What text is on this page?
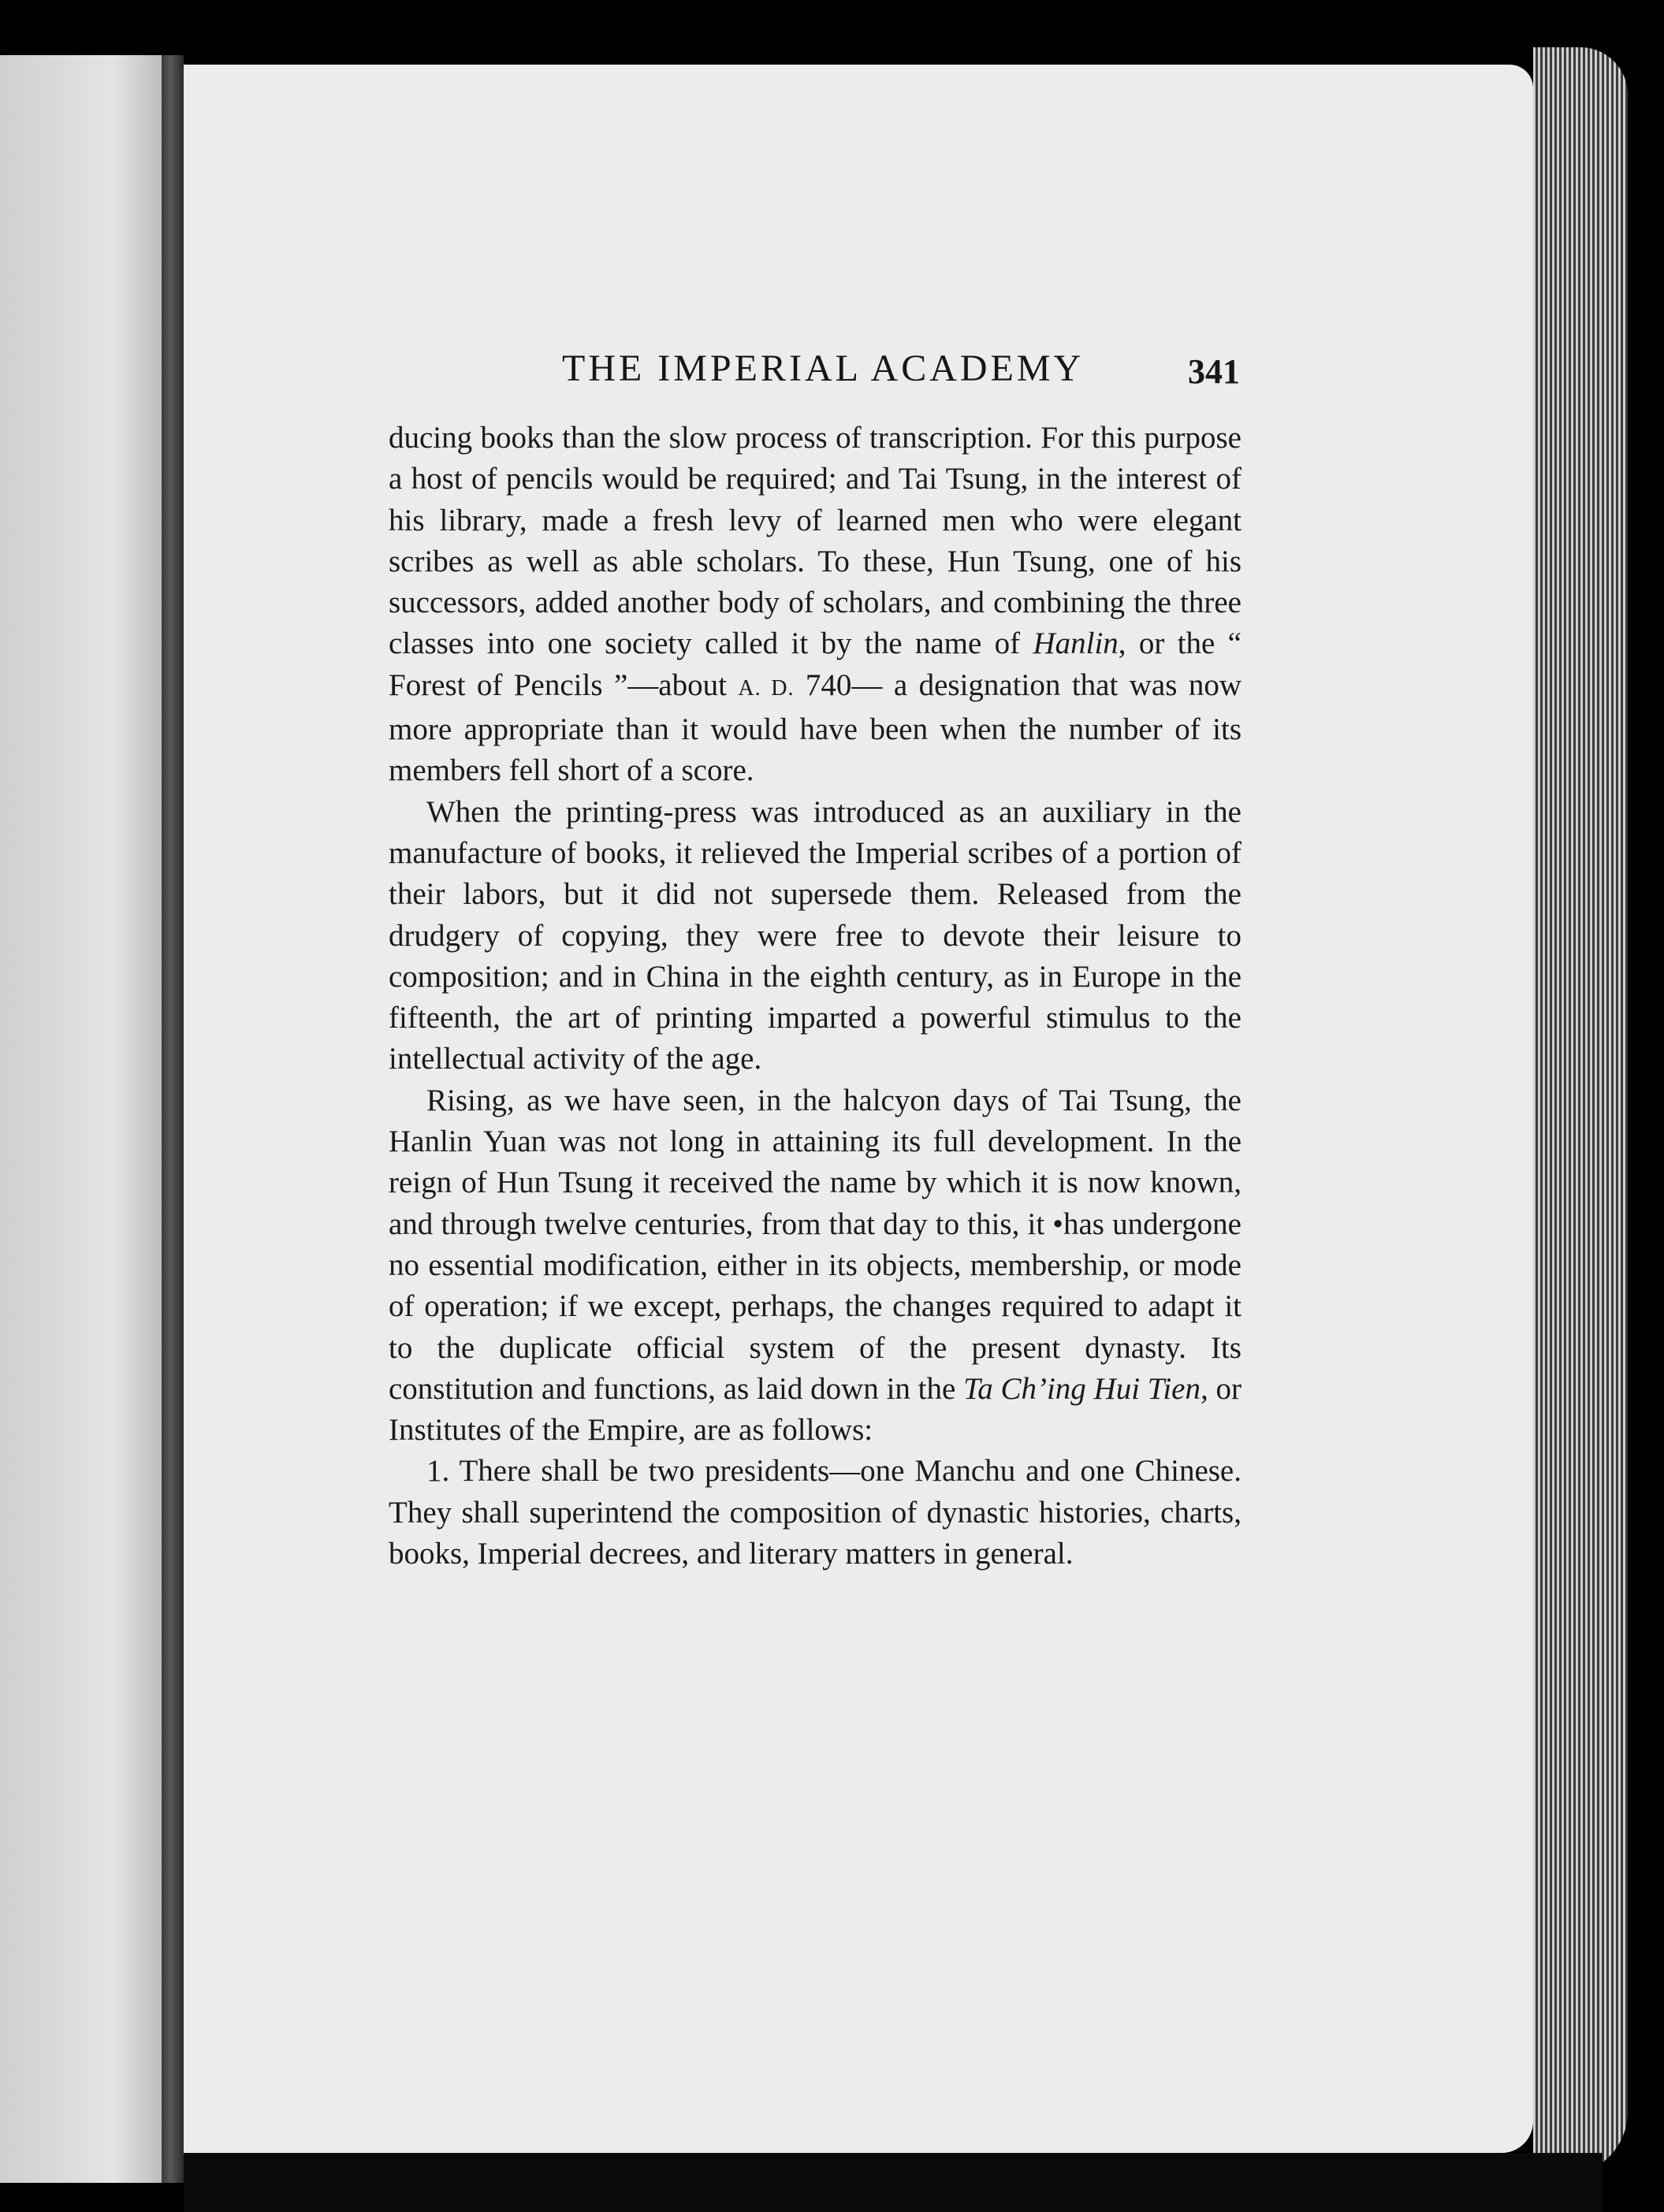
THE IMPERIAL ACADEMY	341

ducing books than the slow process of transcription. For this purpose a host of pencils would be required; and Tai Tsung, in the interest of his library, made a fresh levy of learned men who were elegant scribes as well as able scholars. To these, Hun Tsung, one of his successors, added another body of scholars, and combining the three classes into one society called it by the name of Hanlin, or the “ Forest of Pencils ”—about A. D. 740— a designation that was now more appropriate than it would have been when the number of its members fell short of a score.

When the printing-press was introduced as an auxiliary in the manufacture of books, it relieved the Imperial scribes of a portion of their labors, but it did not supersede them. Released from the drudgery of copying, they were free to devote their leisure to composition; and in China in the eighth century, as in Europe in the fifteenth, the art of printing imparted a powerful stimulus to the intellectual activity of the age.

Rising, as we have seen, in the halcyon days of Tai Tsung, the Hanlin Yuan was not long in attaining its full development. In the reign of Hun Tsung it received the name by which it is now known, and through twelve centuries, from that day to this, it •has undergone no essential modification, either in its objects, membership, or mode of operation; if we except, perhaps, the changes required to adapt it to the duplicate official system of the present dynasty. Its constitution and functions, as laid down in the Ta Ch’ing Hui Tien, or Institutes of the Empire, are as follows:

1. There shall be two presidents—one Manchu and one Chinese. They shall superintend the composition of dynastic histories, charts, books, Imperial decrees, and literary matters in general.
